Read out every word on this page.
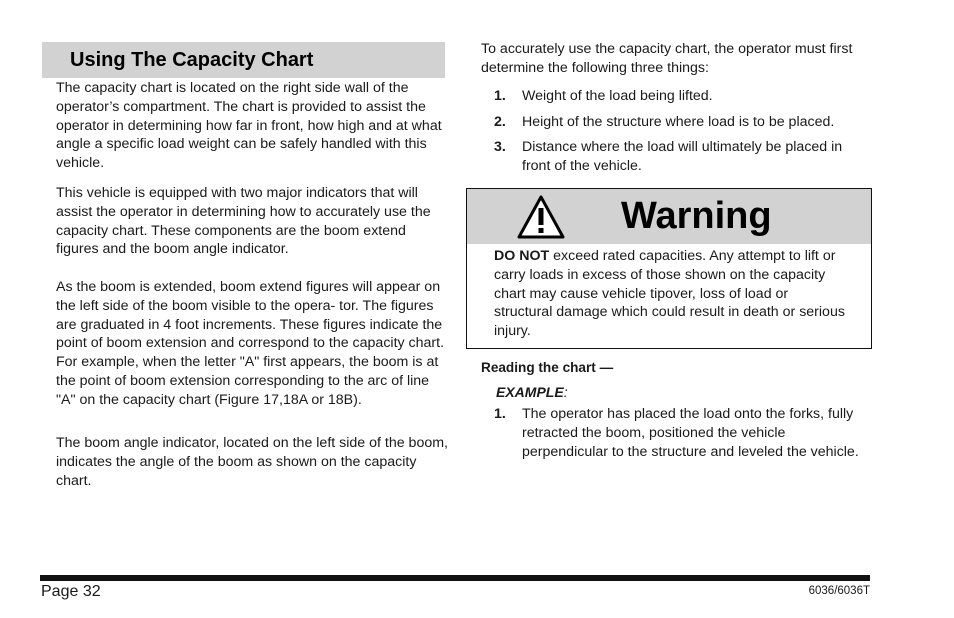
Using The Capacity Chart

The capacity chart is located on the right side wall of the operator’s compartment. The chart is provided to assist the operator in determining how far in front, how high and at what angle a specific load weight can be safely handled with this vehicle.

This vehicle is equipped with two major indicators that will assist the operator in determining how to accurately use the capacity chart. These components are the boom extend figures and the boom angle indicator.

As the boom is extended, boom extend figures will appear on the left side of the boom visible to the opera- tor. The figures are graduated in 4 foot increments. These figures indicate the point of boom extension and correspond to the capacity chart. For example, when the letter "A" first appears, the boom is at the point of boom extension corresponding to the arc of line "A" on the capacity chart (Figure 17,18A or 18B).

The boom angle indicator, located on the left side of the boom, indicates the angle of the boom as shown on the capacity chart.

To accurately use the capacity chart, the operator must first determine the following three things:

1. Weight of the load being lifted.
2. Height of the structure where load is to be placed.
3. Distance where the load will ultimately be placed in front of the vehicle.
Warning
DO NOT exceed rated capacities. Any attempt to lift or carry loads in excess of those shown on the capacity chart may cause vehicle tipover, loss of load or structural damage which could result in death or serious injury.

Reading the chart —

EXAMPLE:

1. The operator has placed the load onto the forks, fully retracted the boom, positioned the vehicle perpendicular to the structure and leveled the vehicle.
Page 32	6036/6036T
